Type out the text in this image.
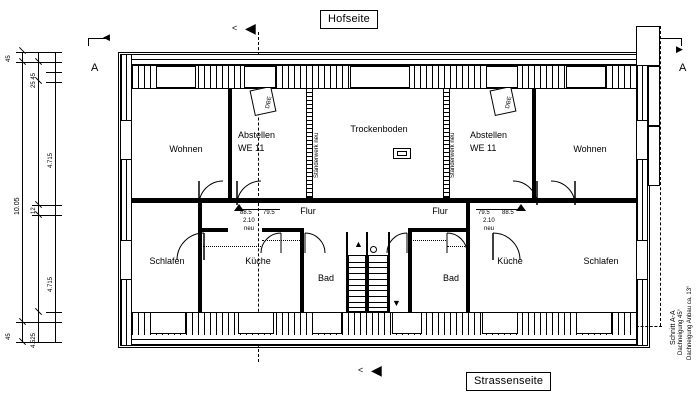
Hofseite
Strassenseite
◀
A
▶
A
< ◀
< ◀
45
25 45
4.715
4.715
45	4.525
10.05 12
Schnitt A-A Dachneigung 45° Dachneigung Anbau ca. 13°
▲
▼
Wohnen	Wohnen
Abstellen
WE 11
Abstellen
WE 11
Trockenboden
Flur	Flur
Bad	Bad
Küche	Küche
Schlafen	Schlafen
Ständerwerk neu	Ständerwerk neu
DBE	DBE
88.5 79.5
2.10
neu
79.5 88.5
2.10
neu
